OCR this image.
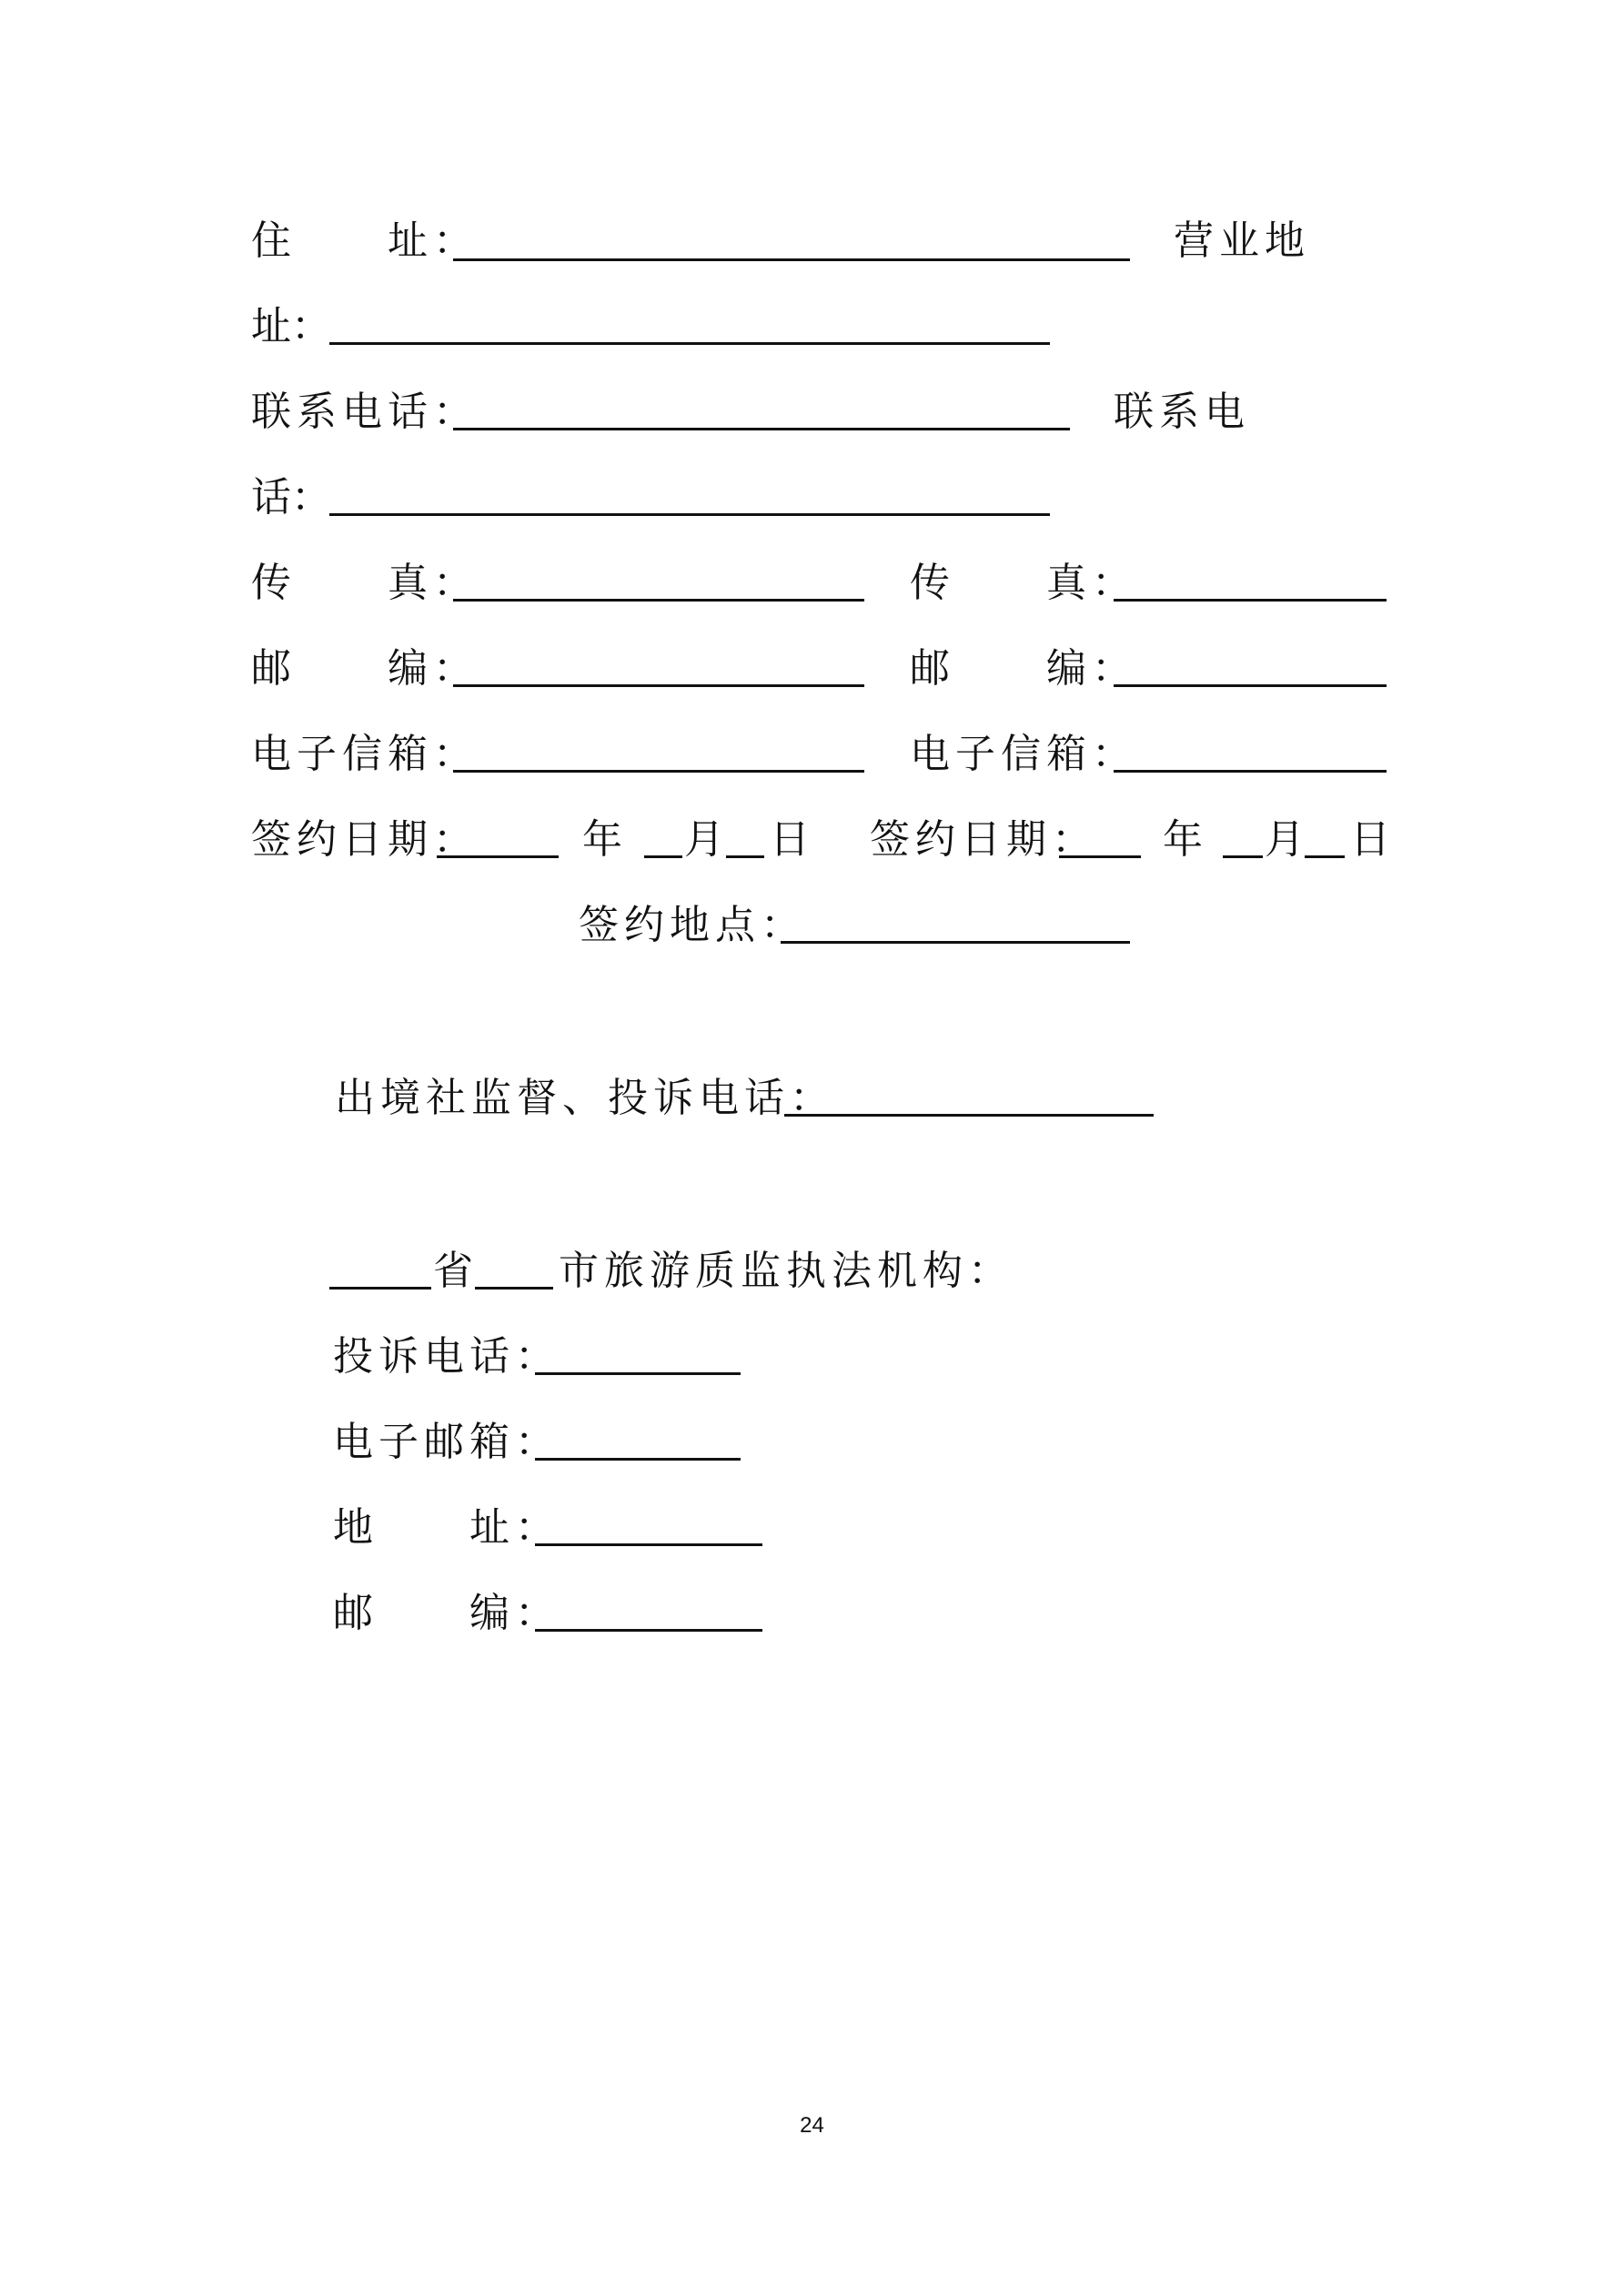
住　　址：	营业地
址：
联系电话：	联系电
话：
传　　真：	传　　真：
邮　　编：	邮　　编：
电子信箱：	电子信箱：
签约日期：	年 月 日 签约日期： 年 月 日
签约地点：
出境社监督、投诉电话：
省 市旅游质监执法机构：
投诉电话：
电子邮箱：
地　　址：
邮　　编：
24
